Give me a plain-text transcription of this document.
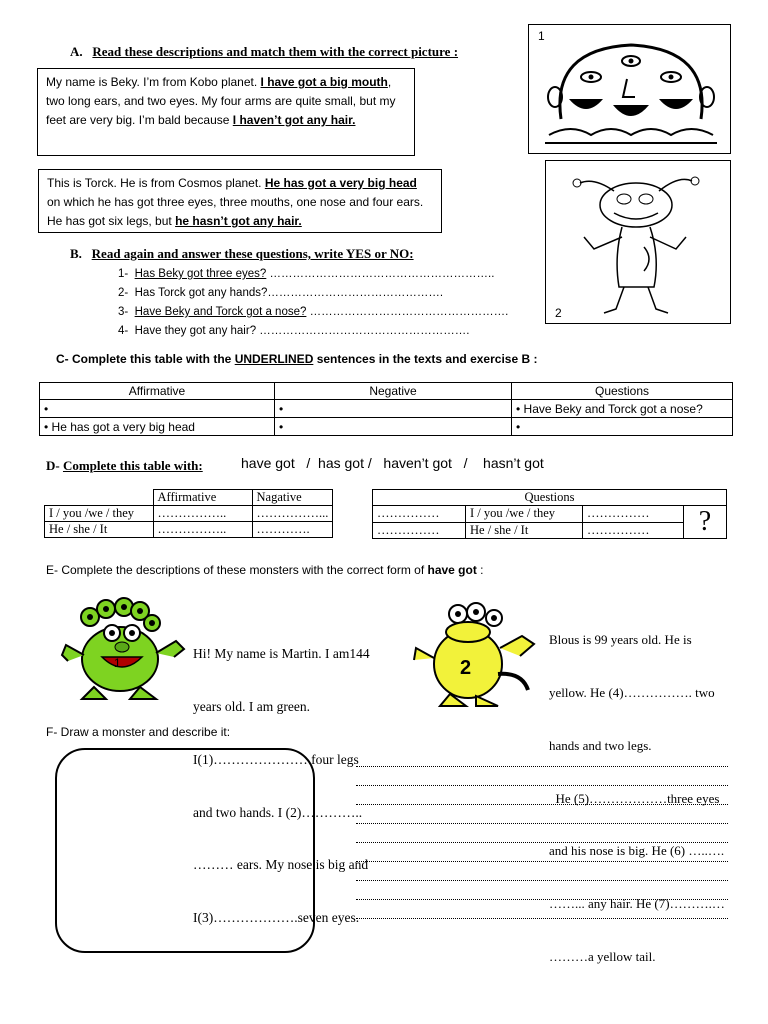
A. Read these descriptions and match them with the correct picture :
My name is Beky. I’m from Kobo planet. I have got a big mouth, two long ears, and two eyes. My four arms are quite small, but my feet are very big. I’m bald because I haven’t got any hair.
This is Torck. He is from Cosmos planet. He has got a very big head on which he has got three eyes, three mouths, one nose and four ears. He has got six legs, but he hasn’t got any hair.
1
2
B. Read again and answer these questions, write YES or NO:
1- Has Beky got three eyes? …………………………………………………..
2- Has Torck got any hands?……………………………………….
3- Have Beky and Torck got a nose? …………………………………………….
4- Have they got any hair? ……………………………………………….
C- Complete this table with the UNDERLINED sentences in the texts and exercise B :
Affirmative	Negative	Questions
•	•	• Have Beky and Torck got a nose?
• He has got a very big head	•	•
D- Complete this table with:	have got   /  has got /   haven’t got   /    hasn’t got
	Affirmative	Nagative
I / you /we / they	……………..	……………...
He / she / It	……………..	………….
Questions			
……………	I / you /we / they	……………	?
……………	He / she / It	……………	
E- Complete the descriptions of these monsters with the correct form of have got :
1

Hi! My name is Martin. I am144

years old. I am green.

I(1)………………… four legs

and two hands. I (2)…………..

……… ears. My nose is big and

I(3)……………….seven eyes.

2

Blous is 99 years old. He is

yellow. He (4)……………. two

hands and two legs.

He (5)………………three eyes

and his nose is big. He (6) …..….

……... any hair. He (7)……….…

………a yellow tail.

F- Draw a monster and describe it:
